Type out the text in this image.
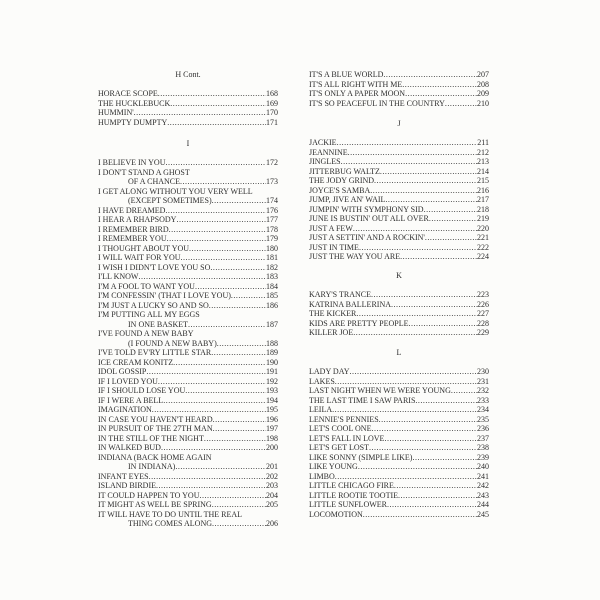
H Cont.
HORACE SCOPE .....	168
THE HUCKLEBUCK .....	169
HUMMIN' .....	170
HUMPTY DUMPTY .....	171
I
I BELIEVE IN YOU .....	172
I DON'T STAND A GHOST
OF A CHANCE .....	173
I GET ALONG WITHOUT YOU VERY WELL
(EXCEPT SOMETIMES) .....	174
I HAVE DREAMED .....	176
I HEAR A RHAPSODY .....	177
I REMEMBER BIRD .....	178
I REMEMBER YOU .....	179
I THOUGHT ABOUT YOU .....	180
I WILL WAIT FOR YOU .....	181
I WISH I DIDN'T LOVE YOU SO .....	182
I'LL KNOW .....	183
I'M A FOOL TO WANT YOU .....	184
I'M CONFESSIN' (THAT I LOVE YOU) .....	185
I'M JUST A LUCKY SO AND SO .....	186
I'M PUTTING ALL MY EGGS
IN ONE BASKET .....	187
I'VE FOUND A NEW BABY
(I FOUND A NEW BABY) .....	188
I'VE TOLD EV'RY LITTLE STAR .....	189
ICE CREAM KONITZ .....	190
IDOL GOSSIP .....	191
IF I LOVED YOU .....	192
IF I SHOULD LOSE YOU .....	193
IF I WERE A BELL .....	194
IMAGINATION .....	195
IN CASE YOU HAVEN'T HEARD .....	196
IN PURSUIT OF THE 27TH MAN .....	197
IN THE STILL OF THE NIGHT .....	198
IN WALKED BUD .....	200
INDIANA (BACK HOME AGAIN
IN INDIANA) .....	201
INFANT EYES .....	202
ISLAND BIRDIE .....	203
IT COULD HAPPEN TO YOU .....	204
IT MIGHT AS WELL BE SPRING .....	205
IT WILL HAVE TO DO UNTIL THE REAL
THING COMES ALONG .....	206
IT'S A BLUE WORLD .....	207
IT'S ALL RIGHT WITH ME .....	208
IT'S ONLY A PAPER MOON .....	209
IT'S SO PEACEFUL IN THE COUNTRY .....	210
J
JACKIE .....	211
JEANNINE .....	212
JINGLES .....	213
JITTERBUG WALTZ .....	214
THE JODY GRIND .....	215
JOYCE'S SAMBA .....	216
JUMP, JIVE AN' WAIL .....	217
JUMPIN' WITH SYMPHONY SID .....	218
JUNE IS BUSTIN' OUT ALL OVER .....	219
JUST A FEW .....	220
JUST A SETTIN' AND A ROCKIN' .....	221
JUST IN TIME .....	222
JUST THE WAY YOU ARE .....	224
K
KARY'S TRANCE .....	223
KATRINA BALLERINA .....	226
THE KICKER .....	227
KIDS ARE PRETTY PEOPLE .....	228
KILLER JOE .....	229
L
LADY DAY .....	230
LAKES .....	231
LAST NIGHT WHEN WE WERE YOUNG .....	232
THE LAST TIME I SAW PARIS .....	233
LEILA .....	234
LENNIE'S PENNIES .....	235
LET'S COOL ONE .....	236
LET'S FALL IN LOVE .....	237
LET'S GET LOST .....	238
LIKE SONNY (SIMPLE LIKE) .....	239
LIKE YOUNG .....	240
LIMBO .....	241
LITTLE CHICAGO FIRE .....	242
LITTLE ROOTIE TOOTIE .....	243
LITTLE SUNFLOWER .....	244
LOCOMOTION .....	245
